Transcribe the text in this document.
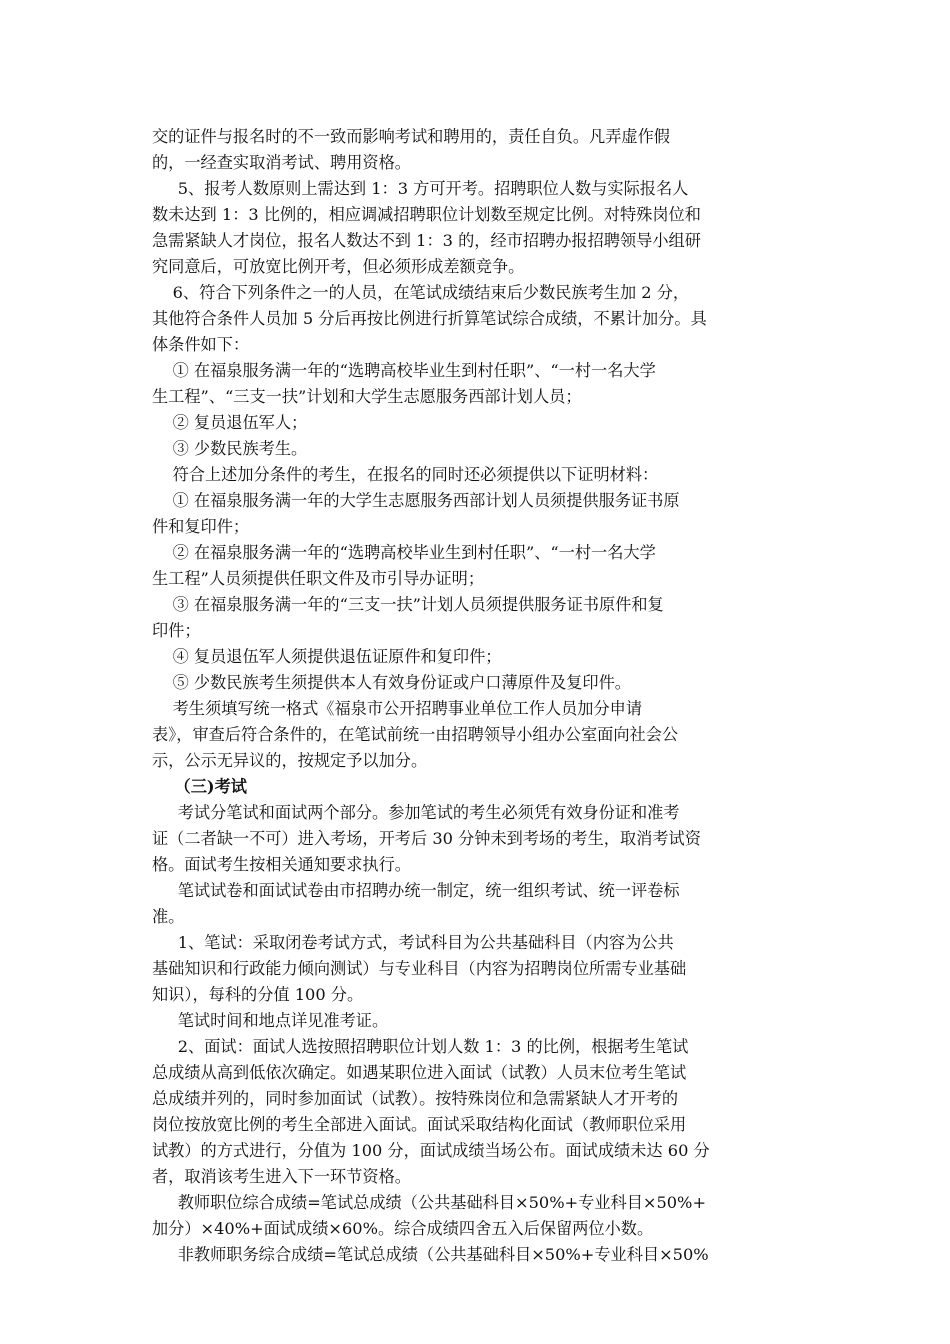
交的证件与报名时的不一致而影响考试和聘用的，责任自负。凡弄虚作假
的，一经查实取消考试、聘用资格。
5、报考人数原则上需达到 1：3 方可开考。招聘职位人数与实际报名人
数未达到 1：3 比例的，相应调减招聘职位计划数至规定比例。对特殊岗位和
急需紧缺人才岗位，报名人数达不到 1：3 的，经市招聘办报招聘领导小组研
究同意后，可放宽比例开考，但必须形成差额竞争。
6、符合下列条件之一的人员，在笔试成绩结束后少数民族考生加 2 分，
其他符合条件人员加 5 分后再按比例进行折算笔试综合成绩，不累计加分。具
体条件如下：
① 在福泉服务满一年的“选聘高校毕业生到村任职”、“一村一名大学
生工程”、“三支一扶”计划和大学生志愿服务西部计划人员；
② 复员退伍军人；
③ 少数民族考生。
符合上述加分条件的考生，在报名的同时还必须提供以下证明材料：
① 在福泉服务满一年的大学生志愿服务西部计划人员须提供服务证书原
件和复印件；
② 在福泉服务满一年的“选聘高校毕业生到村任职”、“一村一名大学
生工程”人员须提供任职文件及市引导办证明；
③ 在福泉服务满一年的“三支一扶”计划人员须提供服务证书原件和复
印件；
④ 复员退伍军人须提供退伍证原件和复印件；
⑤ 少数民族考生须提供本人有效身份证或户口薄原件及复印件。
考生须填写统一格式《福泉市公开招聘事业单位工作人员加分申请
表》，审查后符合条件的，在笔试前统一由招聘领导小组办公室面向社会公
示，公示无异议的，按规定予以加分。
（三)考试
考试分笔试和面试两个部分。参加笔试的考生必须凭有效身份证和准考
证（二者缺一不可）进入考场，开考后 30 分钟未到考场的考生，取消考试资
格。面试考生按相关通知要求执行。
笔试试卷和面试试卷由市招聘办统一制定，统一组织考试、统一评卷标
准。
1、笔试：采取闭卷考试方式，考试科目为公共基础科目（内容为公共
基础知识和行政能力倾向测试）与专业科目（内容为招聘岗位所需专业基础
知识），每科的分值 100 分。
笔试时间和地点详见准考证。
2、面试：面试人选按照招聘职位计划人数 1：3 的比例，根据考生笔试
总成绩从高到低依次确定。如遇某职位进入面试（试教）人员末位考生笔试
总成绩并列的，同时参加面试（试教）。按特殊岗位和急需紧缺人才开考的
岗位按放宽比例的考生全部进入面试。面试采取结构化面试（教师职位采用
试教）的方式进行，分值为 100 分，面试成绩当场公布。面试成绩未达 60 分
者，取消该考生进入下一环节资格。
教师职位综合成绩=笔试总成绩（公共基础科目×50%+专业科目×50%+
加分）×40%+面试成绩×60%。综合成绩四舍五入后保留两位小数。
非教师职务综合成绩=笔试总成绩（公共基础科目×50%+专业科目×50%
